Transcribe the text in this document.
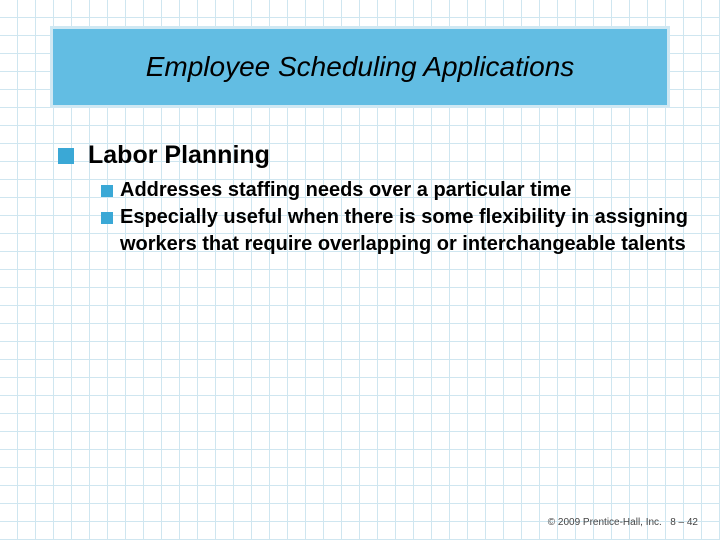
Employee Scheduling Applications
Labor Planning
Addresses staffing needs over a particular time
Especially useful when there is some flexibility in assigning workers that require overlapping or interchangeable talents
© 2009 Prentice-Hall, Inc. 8 – 42
